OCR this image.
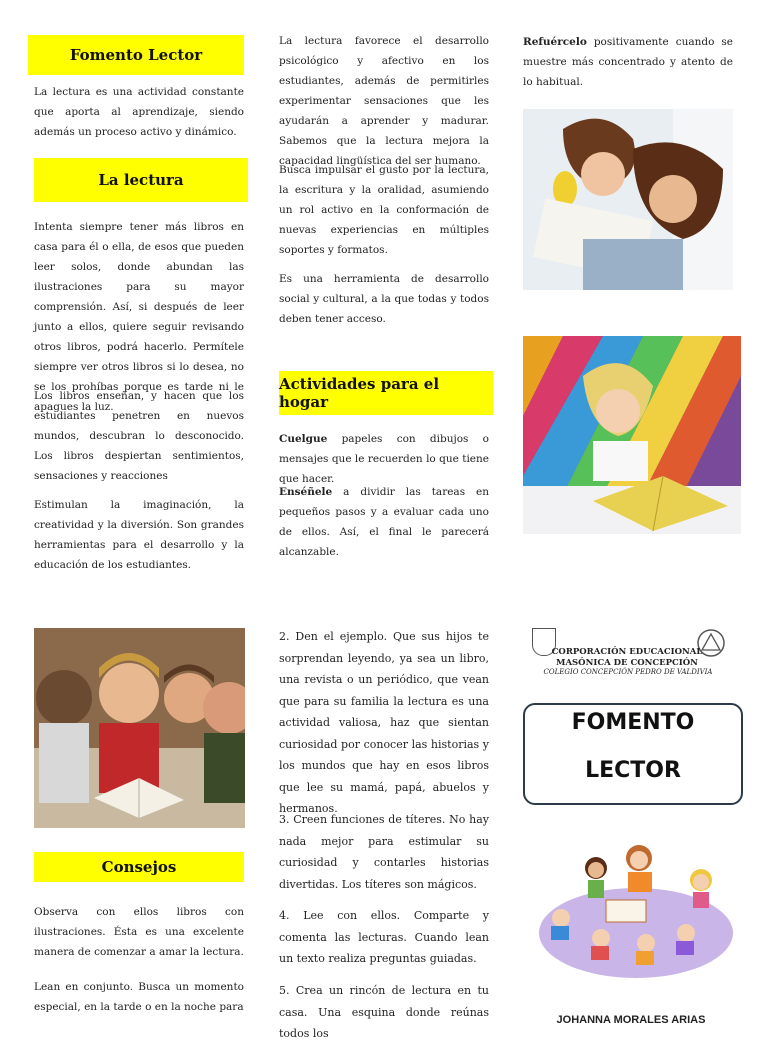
Fomento Lector

La lectura es una actividad constante que aporta al aprendizaje, siendo además un proceso activo y dinámico.

La lectura

Intenta siempre tener más libros en casa para él o ella, de esos que pueden leer solos, donde abundan las ilustraciones para su mayor comprensión. Así, si después de leer junto a ellos, quiere seguir revisando otros libros, podrá hacerlo. Permítele siempre ver otros libros si lo desea, no se los prohíbas porque es tarde ni le apagues la luz.

Los libros enseñan, y hacen que los estudiantes penetren en nuevos mundos, descubran lo desconocido. Los libros despiertan sentimientos, sensaciones y reacciones

Estimulan la imaginación, la creatividad y la diversión. Son grandes herramientas para el desarrollo y la educación de los estudiantes.

Consejos

Observa con ellos libros con ilustraciones. Ésta es una excelente manera de comenzar a amar la lectura.

Lean en conjunto. Busca un momento especial, en la tarde o en la noche para

La lectura favorece el desarrollo psicológico y afectivo en los estudiantes, además de permitirles experimentar sensaciones que les ayudarán a aprender y madurar. Sabemos que la lectura mejora la capacidad lingüística del ser humano.

Busca impulsar el gusto por la lectura, la escritura y la oralidad, asumiendo un rol activo en la conformación de nuevas experiencias en múltiples soportes y formatos.

Es una herramienta de desarrollo social y cultural, a la que todas y todos deben tener acceso.

Actividades para el hogar

Cuelgue papeles con dibujos o mensajes que le recuerden lo que tiene que hacer.

Enséñele a dividir las tareas en pequeños pasos y a evaluar cada uno de ellos. Así, el final le parecerá alcanzable.

2. Den el ejemplo. Que sus hijos te sorprendan leyendo, ya sea un libro, una revista o un periódico, que vean que para su familia la lectura es una actividad valiosa, haz que sientan curiosidad por conocer las historias y los mundos que hay en esos libros que lee su mamá, papá, abuelos y hermanos.

3. Creen funciones de títeres. No hay nada mejor para estimular su curiosidad y contarles historias divertidas. Los títeres son mágicos.

4. Lee con ellos. Comparte y comenta las lecturas. Cuando lean un texto realiza preguntas guiadas.

5. Crea un rincón de lectura en tu casa. Una esquina donde reúnas todos los

Refuércelo positivamente cuando se muestre más concentrado y atento de lo habitual.

CORPORACIÓN EDUCACIONAL
MASÓNICA DE CONCEPCIÓN
COLEGIO CONCEPCIÓN PEDRO DE VALDIVIA
FOMENTO
LECTOR
JOHANNA MORALES ARIAS
